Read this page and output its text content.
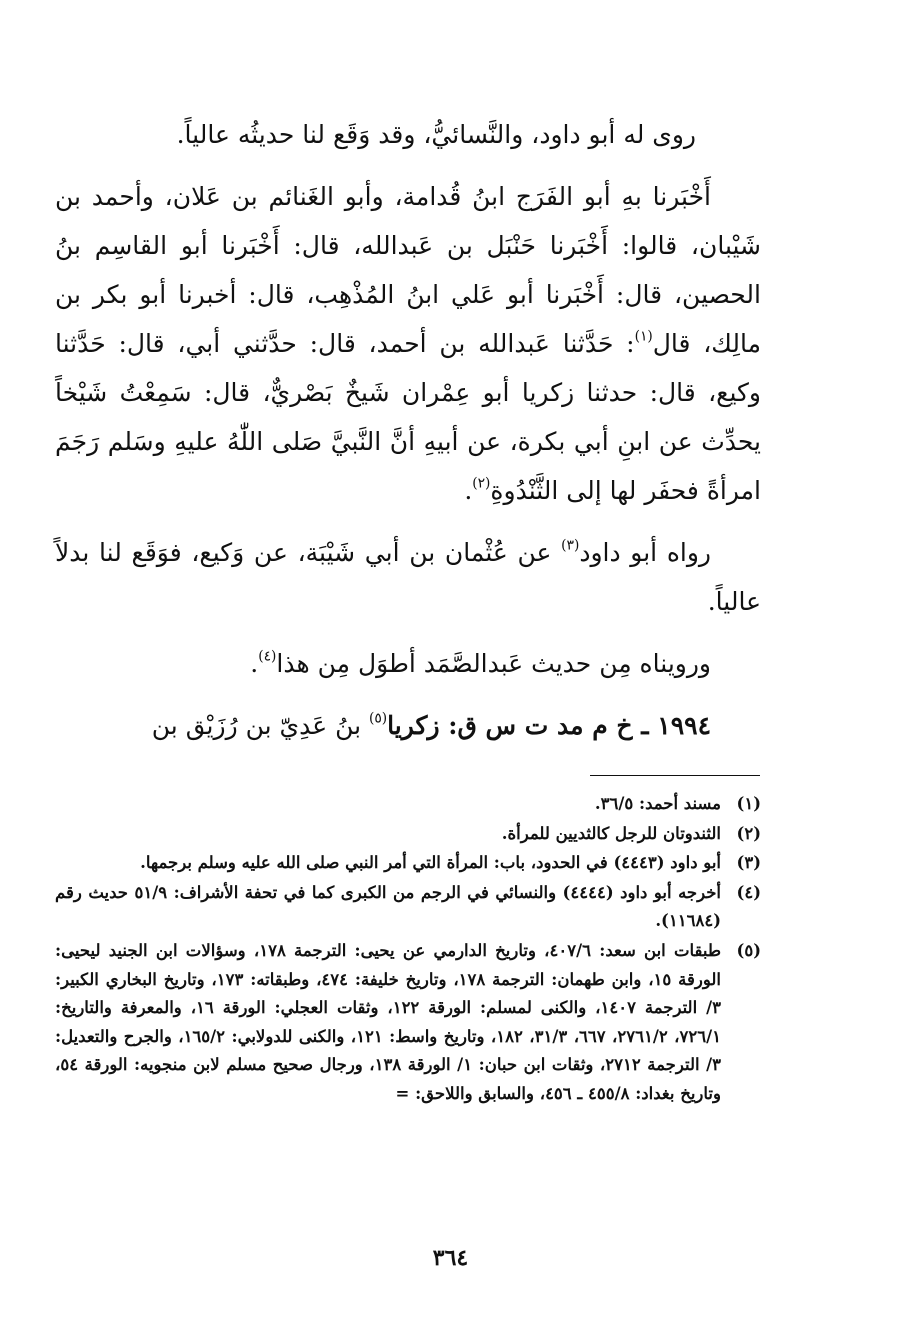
روى له أبو داود، والنَّسائيُّ، وقد وَقَع لنا حديثُه عالياً.

أَخْبَرنا بهِ أبو الفَرَج ابنُ قُدامة، وأبو الغَنائم بن عَلان، وأحمد بن شَيْبان، قالوا: أَخْبَرنا حَنْبَل بن عَبدالله، قال: أَخْبَرنا أبو القاسِم بنُ الحصين، قال: أَخْبَرنا أبو عَلي ابنُ المُذْهِب، قال: أخبرنا أبو بكر بن مالِك، قال$^{(١)}$: حَدَّثنا عَبدالله بن أحمد، قال: حدَّثني أبي، قال: حَدَّثنا وكيع، قال: حدثنا زكريا أبو عِمْران شَيخٌ بَصْريٌّ، قال: سَمِعْتُ شَيْخاً يحدِّث عن ابنِ أبي بكرة، عن أبيهِ أنَّ النَّبيَّ صَلى اللّٰهُ عليهِ وسَلم رَجَمَ امرأةً فحفَر لها إلى الثَّنْدُوةِ$^{(٢)}$.

رواه أبو داود$^{(٣)}$ عن عُثْمان بن أبي شَيْبَة، عن وَكيع، فوَقَع لنا بدلاً عالياً.

ورويناه مِن حديث عَبدالصَّمَد أطوَل مِن هذا$^{(٤)}$.

١٩٩٤ ـ خ م مد ت س ق: زكريا$^{(٥)}$ بنُ عَدِيّ بن رُزَيْق بن

(١)
مسند أحمد: ٣٦/٥.
(٢)
الثندوتان للرجل كالثديين للمرأة.
(٣)
أبو داود (٤٤٤٣) في الحدود، باب: المرأة التي أمر النبي صلى الله عليه وسلم برجمها.
(٤)
أخرجه أبو داود (٤٤٤٤) والنسائي في الرجم من الكبرى كما في تحفة الأشراف: ٥١/٩ حديث رقم (١١٦٨٤).
(٥)
طبقات ابن سعد: ٤٠٧/٦، وتاريخ الدارمي عن يحيى: الترجمة ١٧٨، وسؤالات ابن الجنيد ليحيى: الورقة ١٥، وابن طهمان: الترجمة ١٧٨، وتاريخ خليفة: ٤٧٤، وطبقاته: ١٧٣، وتاريخ البخاري الكبير: ٣/ الترجمة ١٤٠٧، والكنى لمسلم: الورقة ١٢٢، وثقات العجلي: الورقة ١٦، والمعرفة والتاريخ: ٧٢٦/١، ٢٧٦١/٢، ٦٦٧، ٣١/٣، ١٨٢، وتاريخ واسط: ١٢١، والكنى للدولابي: ١٦٥/٢، والجرح والتعديل: ٣/ الترجمة ٢٧١٢، وثقات ابن حبان: ١/ الورقة ١٣٨، ورجال صحيح مسلم لابن منجويه: الورقة ٥٤، وتاريخ بغداد: ٤٥٥/٨ ـ ٤٥٦، والسابق واللاحق: =
٣٦٤
